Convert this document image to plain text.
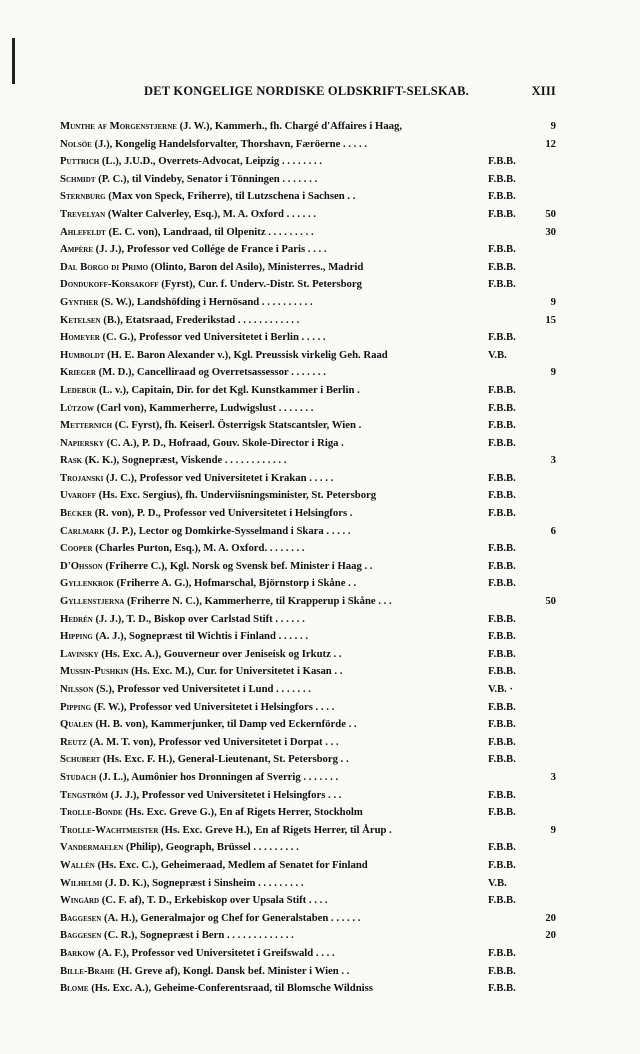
DET KONGELIGE NORDISKE OLDSKRIFT-SELSKAB.	XIII
Munthe af Morgenstjerne (J. W.), Kammerh., fh. Chargé d'Affaires i Haag,	9
Nolsöe (J.), Kongelig Handelsforvalter, Thorshavn, Færöerne . . . . .	12
Puttrich (L.), J.U.D., Overrets-Advocat, Leipzig . . . . . . . .	F.B.B.
Schmidt (P. C.), til Vindeby, Senator i Tönningen . . . . . . .	F.B.B.
Sternburg (Max von Speck, Friherre), til Lutzschena i Sachsen . .	F.B.B.
Trevelyan (Walter Calverley, Esq.), M. A. Oxford . . . . . .	F.B.B.	50
Ahlefeldt (E. C. von), Landraad, til Olpenitz . . . . . . . . .	30
Ampère (J. J.), Professor ved Collége de France i Paris . . . .	F.B.B.
Dal Borgo di Primo (Olinto, Baron del Asilo), Ministerres., Madrid	F.B.B.
Dondukoff-Korsakoff (Fyrst), Cur. f. Underv.-Distr. St. Petersborg	F.B.B.
Gynther (S. W.), Landshöfding i Hernösand . . . . . . . . . .	9
Ketelsen (B.), Etatsraad, Frederikstad . . . . . . . . . . . .	15
Homeyer (C. G.), Professor ved Universitetet i Berlin . . . . .	F.B.B.
Humboldt (H. E. Baron Alexander v.), Kgl. Preussisk virkelig Geh. Raad	V.B.
Krieger (M. D.), Cancelliraad og Overretsassessor . . . . . . .	9
Ledebur (L. v.), Capitain, Dir. for det Kgl. Kunstkammer i Berlin .	F.B.B.
Lützow (Carl von), Kammerherre, Ludwigslust . . . . . . .	F.B.B.
Metternich (C. Fyrst), fh. Keiserl. Österrigsk Statscantsler, Wien .	F.B.B.
Napiersky (C. A.), P. D., Hofraad, Gouv. Skole-Director i Riga .	F.B.B.
Rask (K. K.), Sognepræst, Viskende . . . . . . . . . . . .	3
Trojanski (J. C.), Professor ved Universitetet i Krakan . . . . .	F.B.B.
Uvaroff (Hs. Exc. Sergius), fh. Underviisningsminister, St. Petersborg	F.B.B.
Becker (R. von), P. D., Professor ved Universitetet i Helsingfors .	F.B.B.
Carlmark (J. P.), Lector og Domkirke-Sysselmand i Skara . . . . .	6
Cooper (Charles Purton, Esq.), M. A. Oxford. . . . . . . .	F.B.B.
D'Ohsson (Friherre C.), Kgl. Norsk og Svensk bef. Minister i Haag . .	F.B.B.
Gyllenkrok (Friherre A. G.), Hofmarschal, Björnstorp i Skåne . .	F.B.B.
Gyllenstjerna (Friherre N. C.), Kammerherre, til Krapperup i Skåne . . .	50
Hedrén (J. J.), T. D., Biskop over Carlstad Stift . . . . . .	F.B.B.
Hipping (A. J.), Sognepræst til Wichtis i Finland . . . . . .	F.B.B.
Lavinsky (Hs. Exc. A.), Gouverneur over Jeniseisk og Irkutz . .	F.B.B.
Mussin-Pushkin (Hs. Exc. M.), Cur. for Universitetet i Kasan . .	F.B.B.
Nilsson (S.), Professor ved Universitetet i Lund . . . . . . .	V.B. ·
Pipping (F. W.), Professor ved Universitetet i Helsingfors . . . .	F.B.B.
Qualen (H. B. von), Kammerjunker, til Damp ved Eckernförde . .	F.B.B.
Reutz (A. M. T. von), Professor ved Universitetet i Dorpat . . .	F.B.B.
Schubert (Hs. Exc. F. H.), General-Lieutenant, St. Petersborg . .	F.B.B.
Studach (J. L.), Aumônier hos Dronningen af Sverrig . . . . . . .	3
Tengström (J. J.), Professor ved Universitetet i Helsingfors . . .	F.B.B.
Trolle-Bonde (Hs. Exc. Greve G.), En af Rigets Herrer, Stockholm	F.B.B.
Trolle-Wachtmeister (Hs. Exc. Greve H.), En af Rigets Herrer, til Årup .	9
Vandermaelen (Philip), Geograph, Brüssel . . . . . . . . .	F.B.B.
Wallén (Hs. Exc. C.), Geheimeraad, Medlem af Senatet for Finland	F.B.B.
Wilhelmi (J. D. K.), Sognepræst i Sinsheim . . . . . . . . .	V.B.
Wingård (C. F. af), T. D., Erkebiskop over Upsala Stift . . . .	F.B.B.
Baggesen (A. H.), Generalmajor og Chef for Generalstaben . . . . . .	20
Baggesen (C. R.), Sognepræst i Bern . . . . . . . . . . . . .	20
Barkow (A. F.), Professor ved Universitetet i Greifswald . . . .	F.B.B.
Bille-Brahe (H. Greve af), Kongl. Dansk bef. Minister i Wien . .	F.B.B.
Blome (Hs. Exc. A.), Geheime-Conferentsraad, til Blomsche Wildniss	F.B.B.
